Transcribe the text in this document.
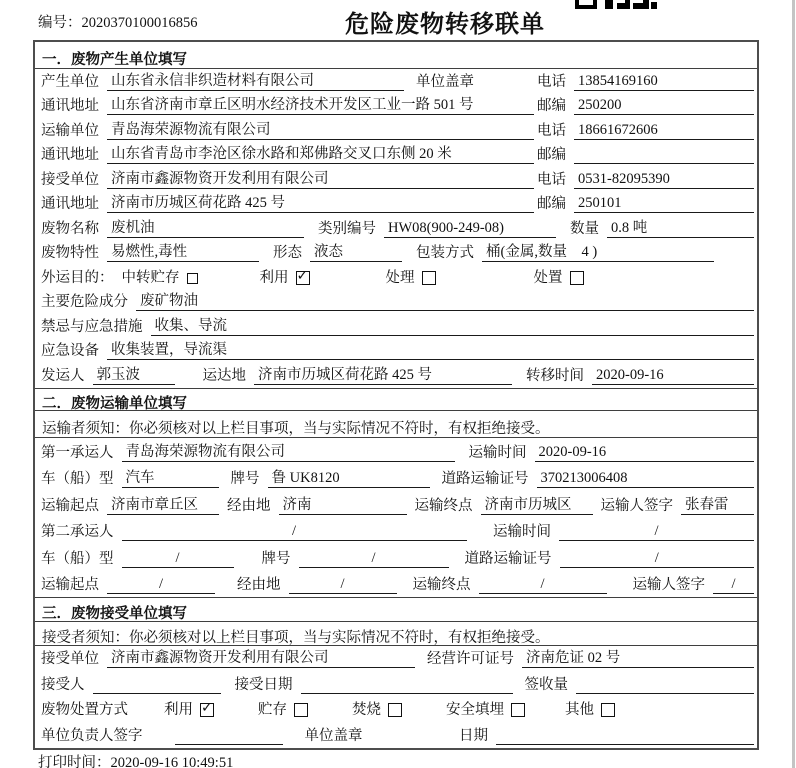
编号：2020370100016856	危险废物转移联单
一．废物产生单位填写
产生单位 山东省永信非织造材料有限公司	单位盖章	电话 13854169160
通讯地址 山东省济南市章丘区明水经济技术开发区工业一路 501 号	邮编 250200
运输单位 青岛海荣源物流有限公司	电话 18661672606
通讯地址 山东省青岛市李沧区徐水路和郑佛路交叉口东侧 20 米	邮编
接受单位 济南市鑫源物资开发利用有限公司	电话 0531-82095390
通讯地址 济南市历城区荷花路 425 号	邮编 250101
废物名称 废机油	类别编号 HW08(900-249-08)	数量 0.8 吨
废物特性 易燃性,毒性	形态 液态	包装方式 桶(金属,数量　4 )
外运目的： 中转贮存	利用 ✓	处理	处置
主要危险成分 废矿物油
禁忌与应急措施 收集、导流
应急设备 收集装置，导流渠
发运人 郭玉波	运达地 济南市历城区荷花路 425 号	转移时间 2020-09-16
二．废物运输单位填写
运输者须知：你必须核对以上栏目事项，当与实际情况不符时，有权拒绝接受。
第一承运人 青岛海荣源物流有限公司	运输时间 2020-09-16
车（船）型 汽车	牌号 鲁 UK8120	道路运输证号 370213006408
运输起点 济南市章丘区	经由地 济南	运输终点 济南市历城区	运输人签字 张春雷
第二承运人	/	运输时间	/
车（船）型	/	牌号	/	道路运输证号	/
运输起点	/	经由地	/	运输终点	/	运输人签字	/
三．废物接受单位填写
接受者须知：你必须核对以上栏目事项，当与实际情况不符时，有权拒绝接受。
接受单位 济南市鑫源物资开发利用有限公司	经营许可证号 济南危证 02 号
接受人	接受日期	签收量
废物处置方式 利用 ✓	贮存	焚烧	安全填埋	其他
单位负责人签字	单位盖章	日期
打印时间：2020-09-16 10:49:51
